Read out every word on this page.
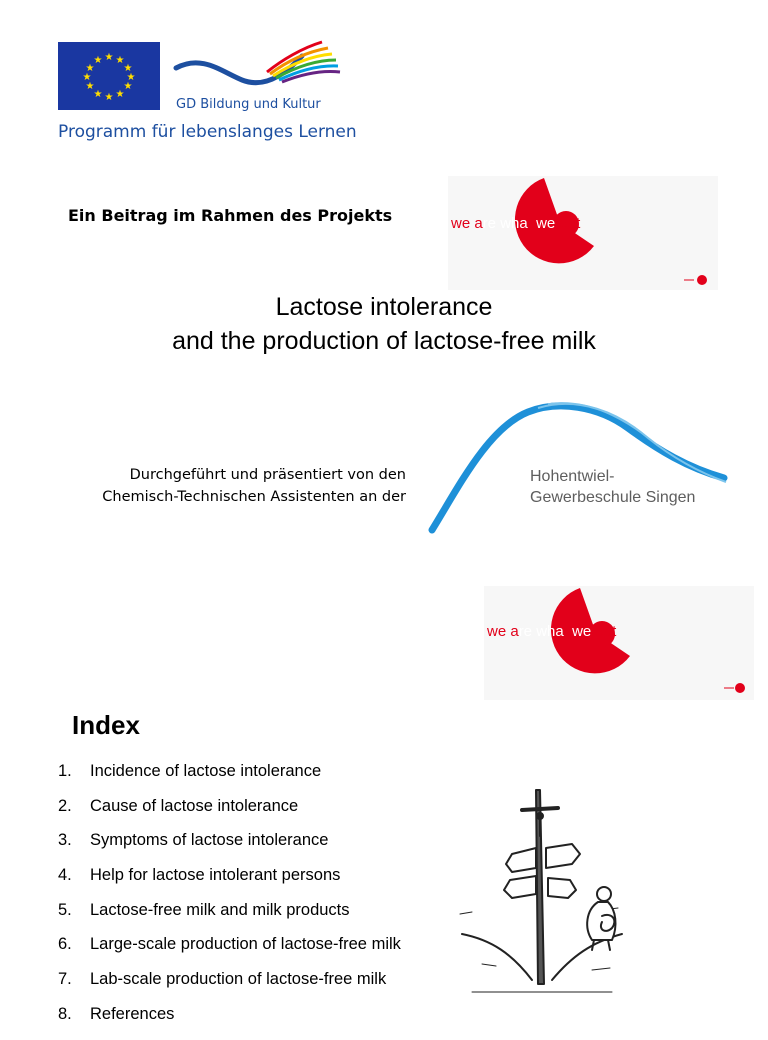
★ ★
★
★
★
★
★
★
★
★
★
★
GD Bildung und Kultur
Programm für lebenslanges Lernen
Ein Beitrag im Rahmen des Projekts	we are what we eat
Lactose intolerance
and the production of lactose-free milk
Hohentwiel-
Gewerbeschule Singen
Durchgeführt und präsentiert von den
Chemisch-Technischen Assistenten an der
we are what we eat
Index
1.	Incidence of lactose intolerance
2.	Cause of lactose intolerance
3.	Symptoms of lactose intolerance
4.	Help for lactose intolerant persons
5.	Lactose-free milk and milk products
6.	Large-scale production of lactose-free milk
7.	Lab-scale production of lactose-free milk
8.	References
